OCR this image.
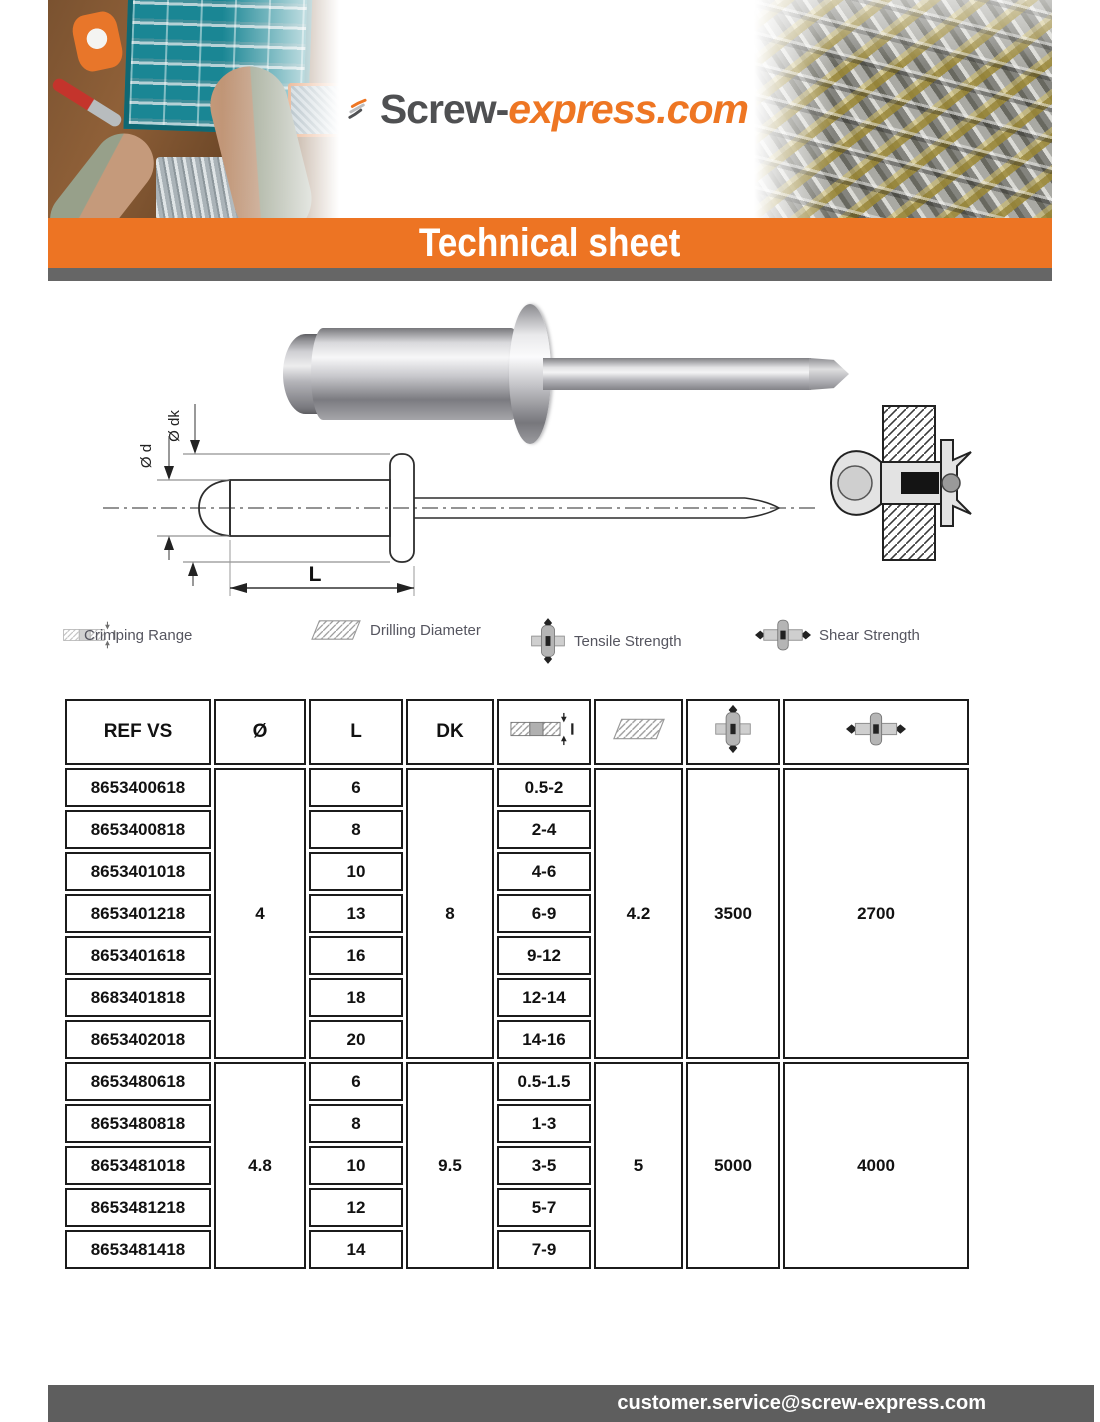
Screw-express.com
Technical sheet
Ø dk
Ø d
L
Crimping Range	Drilling Diameter
Tensile Strength	Shear Strength
REF VS	Ø	L	DK				
8653400618	4	6	8	0.5-2	4.2	3500	2700
8653400818		8		2-4			
8653401018		10		4-6			
8653401218		13		6-9			
8653401618		16		9-12			
8683401818		18		12-14			
8653402018		20		14-16			
8653480618	4.8	6	9.5	0.5-1.5	5	5000	4000
8653480818		8		1-3			
8653481018		10		3-5			
8653481218		12		5-7			
8653481418		14		7-9			
customer.service@screw-express.com
